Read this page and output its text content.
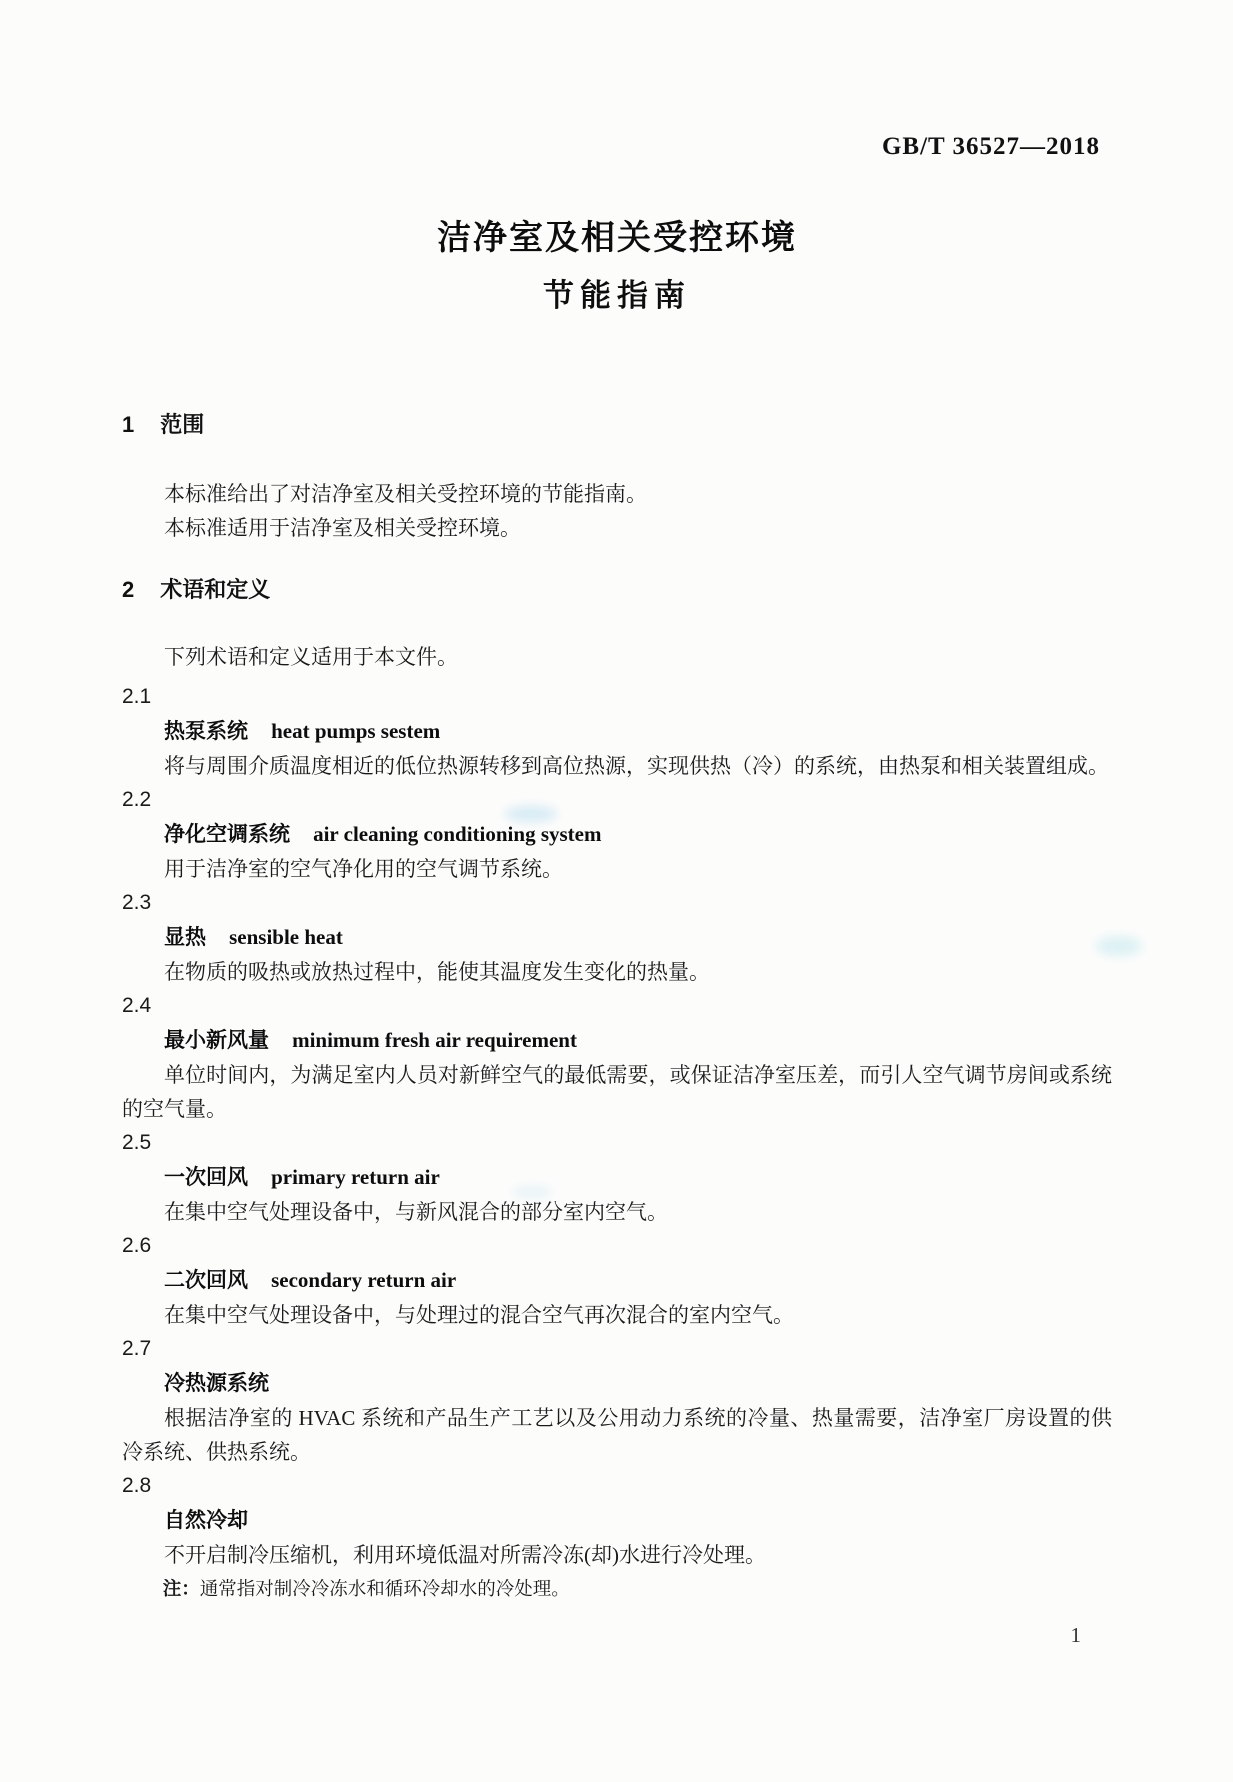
GB/T 36527—2018
洁净室及相关受控环境
节能指南
1 范围

本标准给出了对洁净室及相关受控环境的节能指南。

本标准适用于洁净室及相关受控环境。

2 术语和定义

下列术语和定义适用于本文件。

2.1
热泵系统 heat pumps sestem

将与周围介质温度相近的低位热源转移到高位热源，实现供热（冷）的系统，由热泵和相关装置组成。

2.2
净化空调系统 air cleaning conditioning system

用于洁净室的空气净化用的空气调节系统。

2.3
显热 sensible heat

在物质的吸热或放热过程中，能使其温度发生变化的热量。

2.4
最小新风量 minimum fresh air requirement

单位时间内，为满足室内人员对新鲜空气的最低需要，或保证洁净室压差，而引人空气调节房间或系统的空气量。

2.5
一次回风 primary return air

在集中空气处理设备中，与新风混合的部分室内空气。

2.6
二次回风 secondary return air

在集中空气处理设备中，与处理过的混合空气再次混合的室内空气。

2.7
冷热源系统

根据洁净室的 HVAC 系统和产品生产工艺以及公用动力系统的冷量、热量需要，洁净室厂房设置的供冷系统、供热系统。

2.8
自然冷却

不开启制冷压缩机，利用环境低温对所需冷冻(却)水进行冷处理。

注：通常指对制冷冷冻水和循环冷却水的冷处理。

1
